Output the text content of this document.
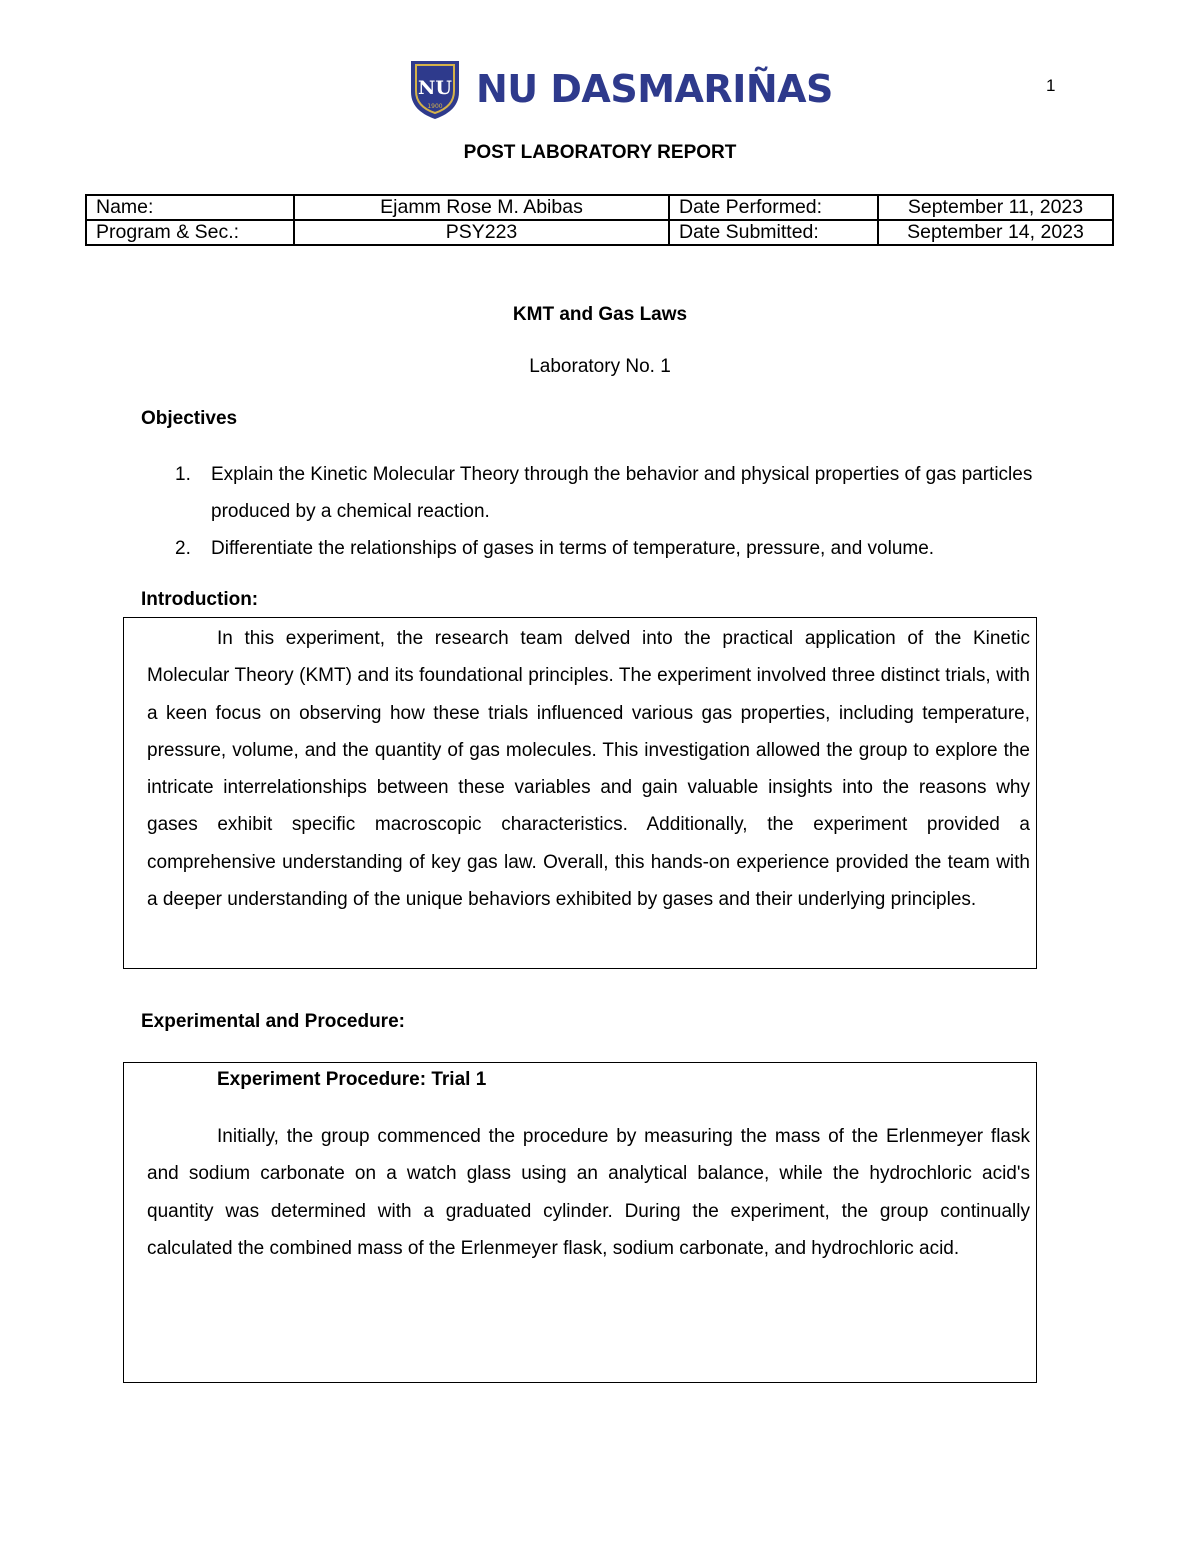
1
NU
1900 NU DASMARIÑAS
POST LABORATORY REPORT
Name:	Ejamm Rose M. Abibas	Date Performed:	September 11, 2023
Program & Sec.:	PSY223	Date Submitted:	September 14, 2023
KMT and Gas Laws
Laboratory No. 1
Objectives
1. Explain the Kinetic Molecular Theory through the behavior and physical properties of gas particles produced by a chemical reaction.
2. Differentiate the relationships of gases in terms of temperature, pressure, and volume.
Introduction:

In this experiment, the research team delved into the practical application of the Kinetic Molecular Theory (KMT) and its foundational principles. The experiment involved three distinct trials, with a keen focus on observing how these trials influenced various gas properties, including temperature, pressure, volume, and the quantity of gas molecules. This investigation allowed the group to explore the intricate interrelationships between these variables and gain valuable insights into the reasons why gases exhibit specific macroscopic characteristics. Additionally, the experiment provided a comprehensive understanding of key gas law. Overall, this hands-on experience provided the team with a deeper understanding of the unique behaviors exhibited by gases and their underlying principles.

Experimental and Procedure:
Experiment Procedure: Trial 1

Initially, the group commenced the procedure by measuring the mass of the Erlenmeyer flask and sodium carbonate on a watch glass using an analytical balance, while the hydrochloric acid's quantity was determined with a graduated cylinder. During the experiment, the group continually calculated the combined mass of the Erlenmeyer flask, sodium carbonate, and hydrochloric acid.
